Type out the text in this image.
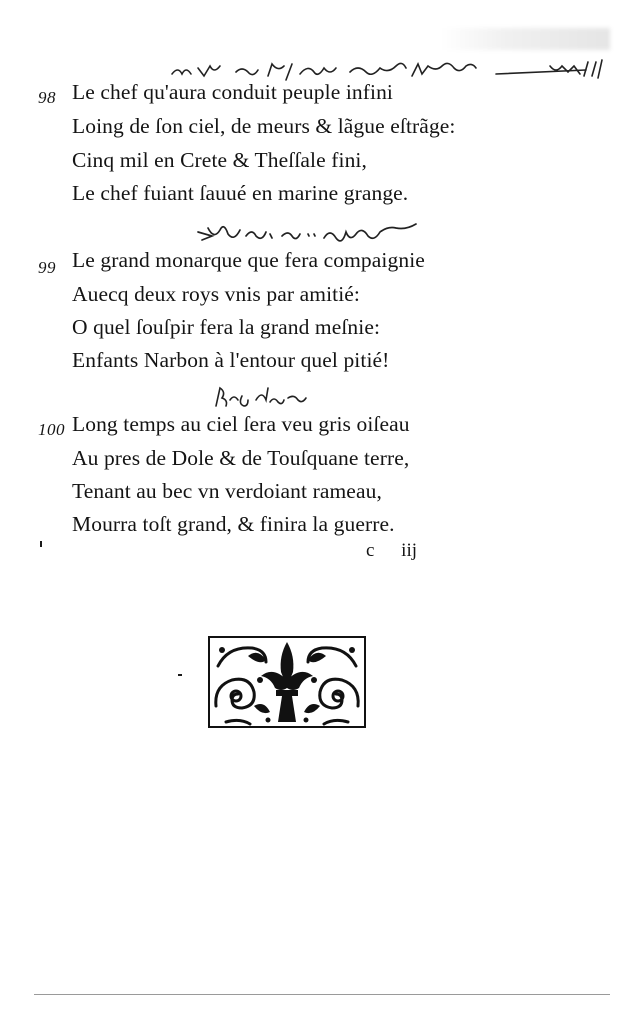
98 Le chef qu'aura conduit peuple infini
Loing de ſon ciel, de meurs & lãgue eſtrãge:
Cinq mil en Crete & Theſſale fini,
Le chef fuiant ſauué en marine grange.
99 Le grand monarque que fera compaignie
Auecq deux roys vnis par amitié:
O quel ſouſpir fera la grand meſnie:
Enfants Narbon à l'entour quel pitié!
100 Long temps au ciel ſera veu gris oiſeau
Au pres de Dole & de Touſquane terre,
Tenant au bec vn verdoiant rameau,
Mourra toſt grand, & finira la guerre.
c iij
